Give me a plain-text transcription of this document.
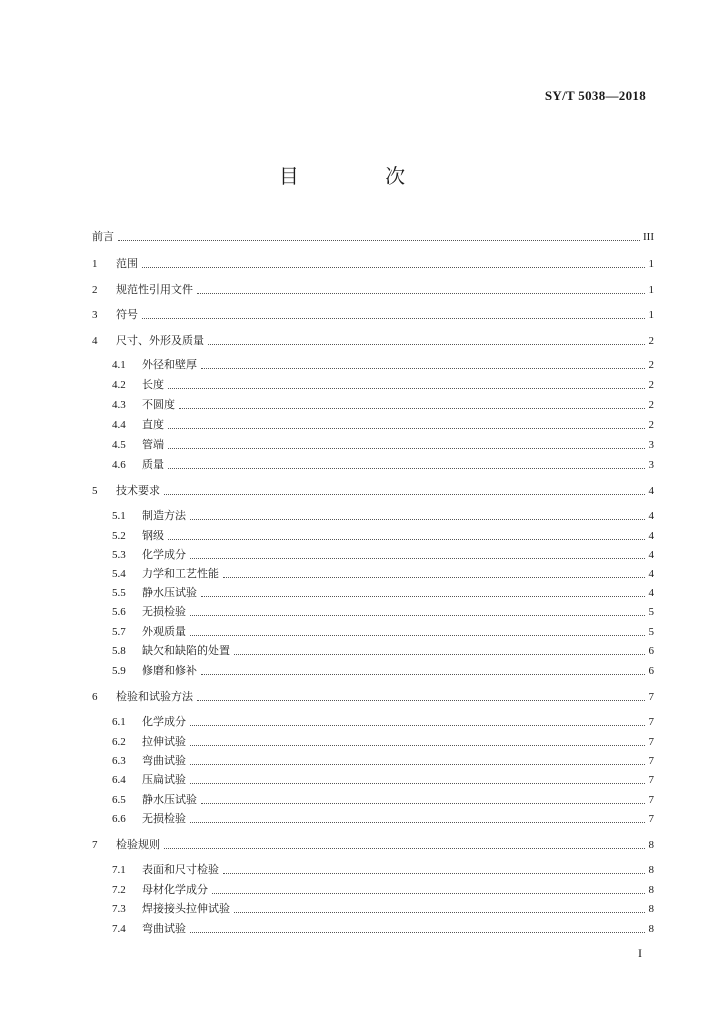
SY/T 5038—2018
目 次
前言	III
1	范围	1
2	规范性引用文件	1
3	符号	1
4	尺寸、外形及质量	2
4.1	外径和壁厚	2
4.2	长度	2
4.3	不圆度	2
4.4	直度	2
4.5	管端	3
4.6	质量	3
5	技术要求	4
5.1	制造方法	4
5.2	钢级	4
5.3	化学成分	4
5.4	力学和工艺性能	4
5.5	静水压试验	4
5.6	无损检验	5
5.7	外观质量	5
5.8	缺欠和缺陷的处置	6
5.9	修磨和修补	6
6	检验和试验方法	7
6.1	化学成分	7
6.2	拉伸试验	7
6.3	弯曲试验	7
6.4	压扁试验	7
6.5	静水压试验	7
6.6	无损检验	7
7	检验规则	8
7.1	表面和尺寸检验	8
7.2	母材化学成分	8
7.3	焊接接头拉伸试验	8
7.4	弯曲试验	8
I
